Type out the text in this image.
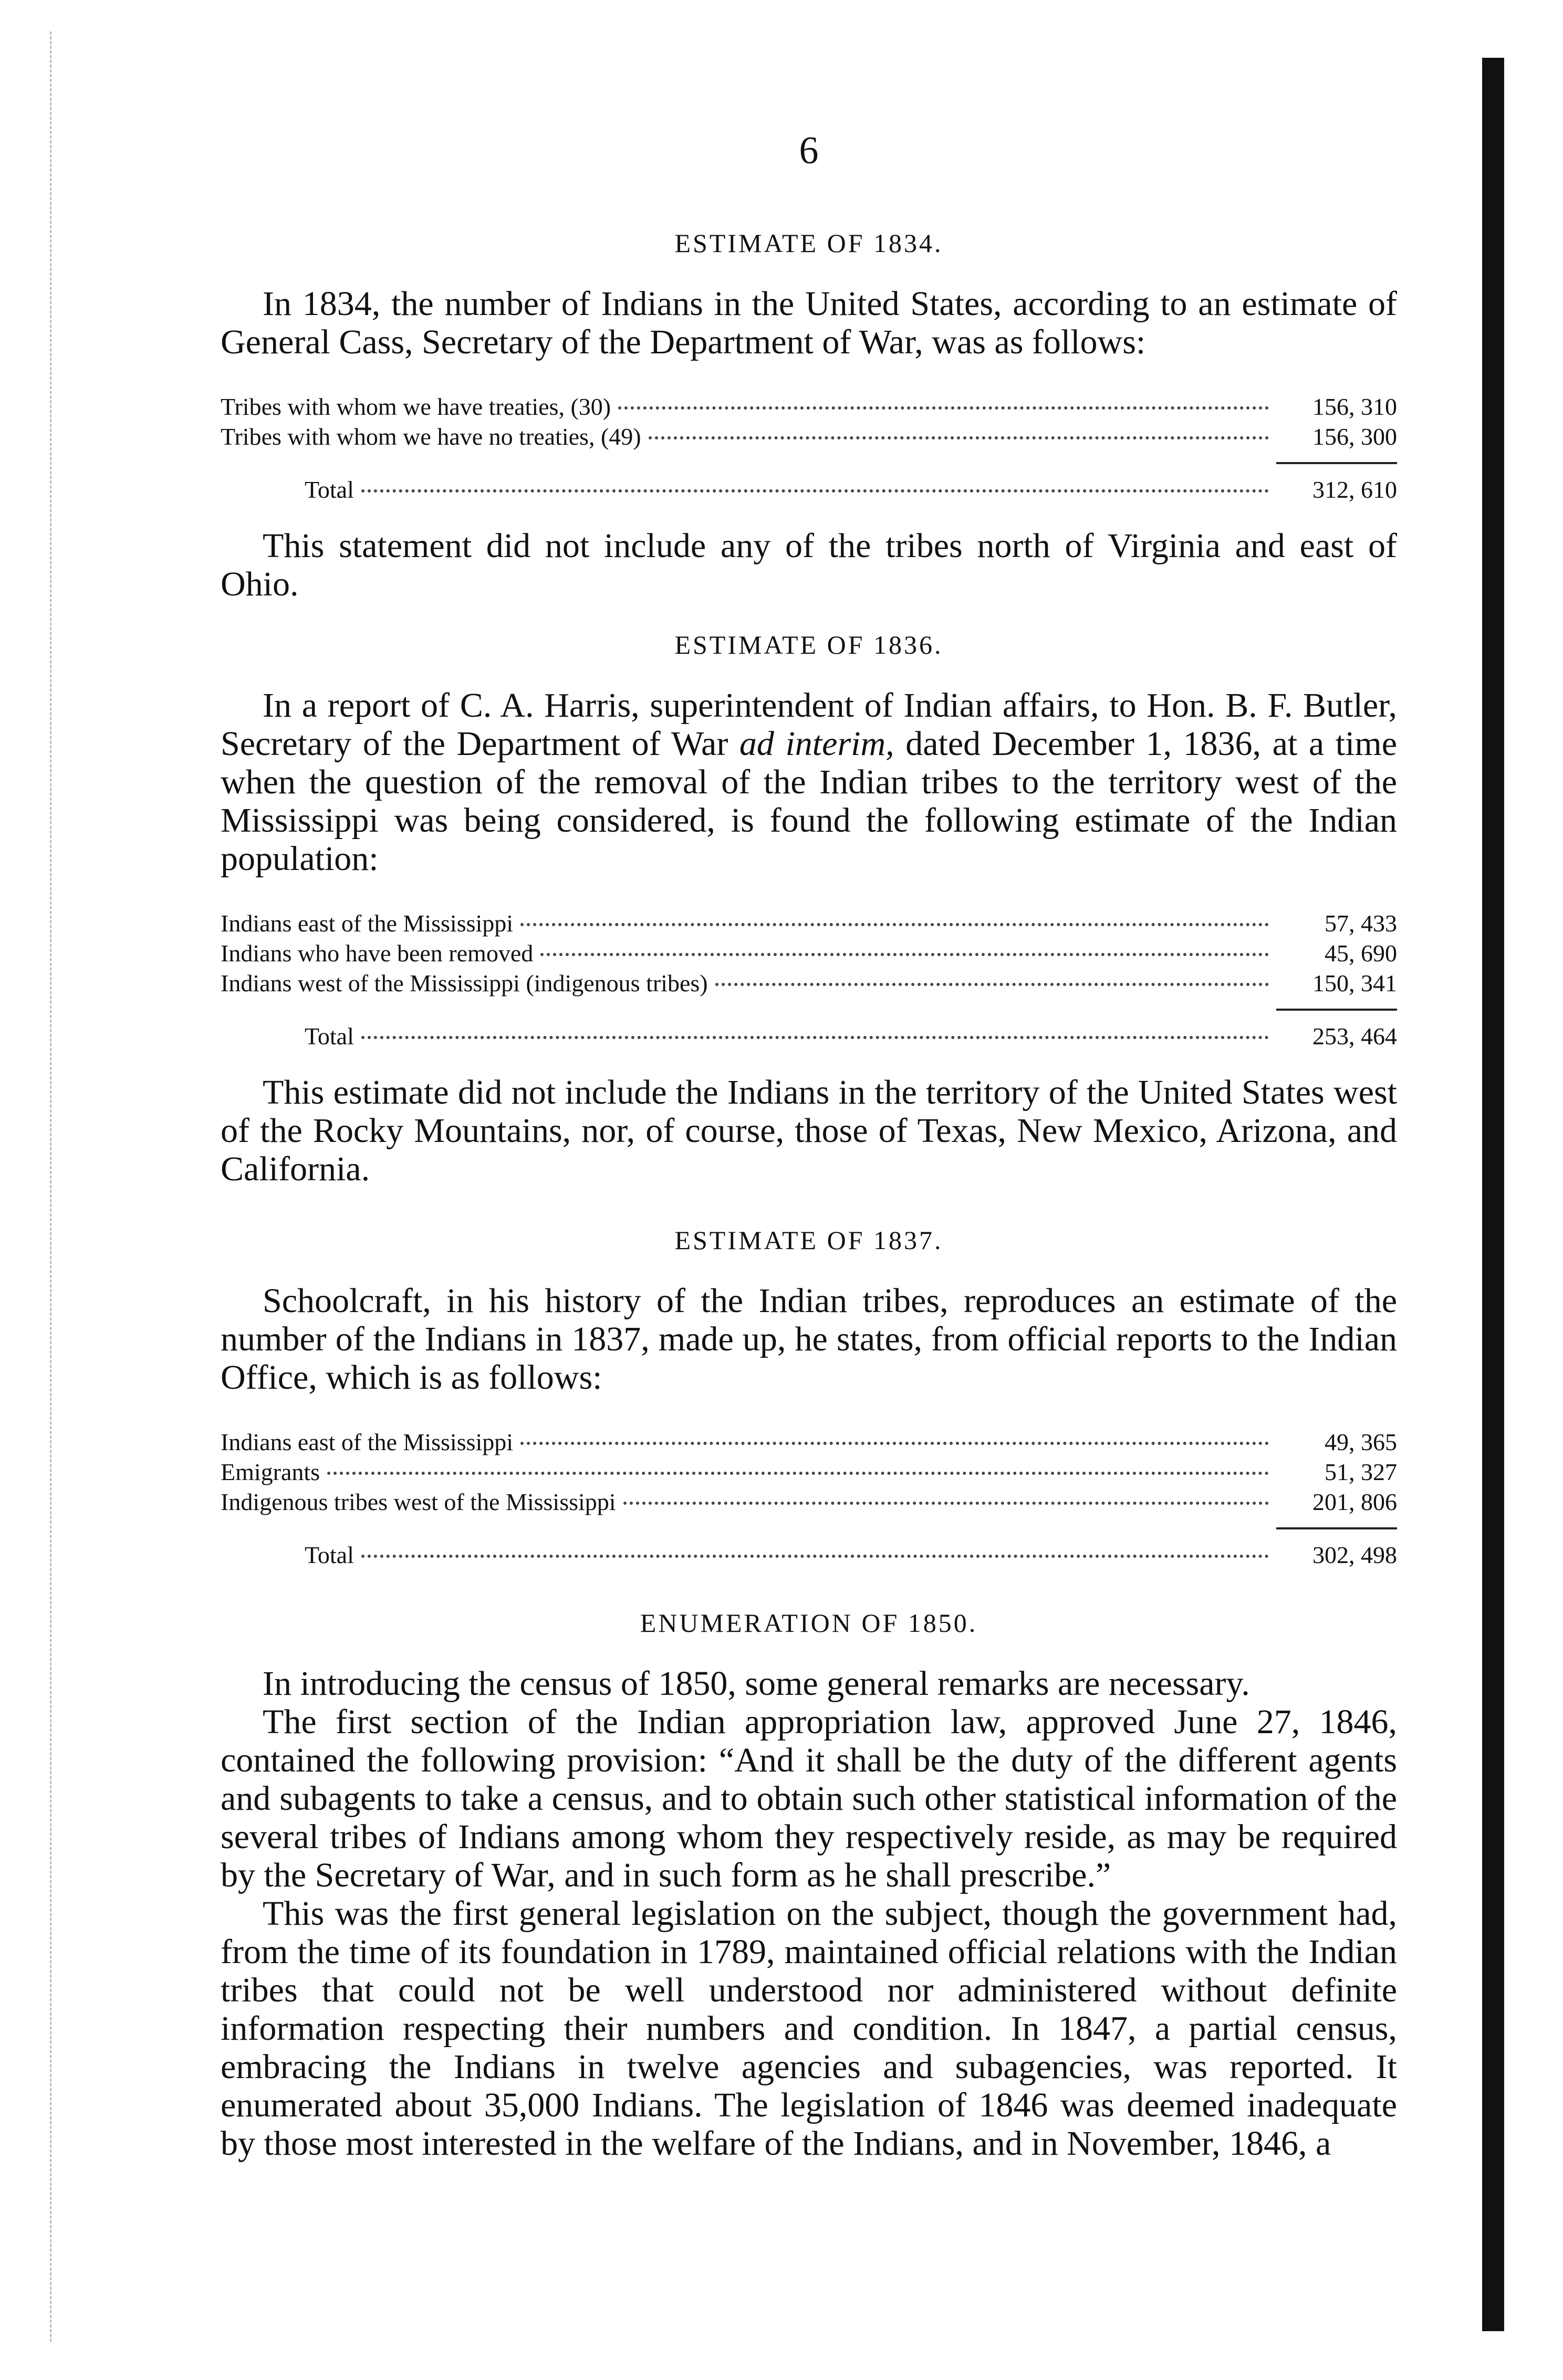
6
ESTIMATE OF 1834.

In 1834, the number of Indians in the United States, according to an estimate of General Cass, Secretary of the Department of War, was as follows:

Tribes with whom we have treaties, (30)	156, 310
Tribes with whom we have no treaties, (49)	156, 300
Total	312, 610

This statement did not include any of the tribes north of Virginia and east of Ohio.

ESTIMATE OF 1836.

In a report of C. A. Harris, superintendent of Indian affairs, to Hon. B. F. Butler, Secretary of the Department of War ad interim, dated December 1, 1836, at a time when the question of the removal of the Indian tribes to the territory west of the Mississippi was being considered, is found the following estimate of the Indian population:

Indians east of the Mississippi	57, 433
Indians who have been removed	45, 690
Indians west of the Mississippi (indigenous tribes)	150, 341
Total	253, 464

This estimate did not include the Indians in the territory of the United States west of the Rocky Mountains, nor, of course, those of Texas, New Mexico, Arizona, and California.

ESTIMATE OF 1837.

Schoolcraft, in his history of the Indian tribes, reproduces an estimate of the number of the Indians in 1837, made up, he states, from official reports to the Indian Office, which is as follows:

Indians east of the Mississippi	49, 365
Emigrants	51, 327
Indigenous tribes west of the Mississippi	201, 806
Total	302, 498
ENUMERATION OF 1850.

In introducing the census of 1850, some general remarks are necessary.

The first section of the Indian appropriation law, approved June 27, 1846, contained the following provision: “And it shall be the duty of the different agents and subagents to take a census, and to obtain such other statistical information of the several tribes of Indians among whom they respectively reside, as may be required by the Secretary of War, and in such form as he shall prescribe.”

This was the first general legislation on the subject, though the government had, from the time of its foundation in 1789, maintained official relations with the Indian tribes that could not be well understood nor administered without definite information respecting their numbers and condition. In 1847, a partial census, embracing the Indians in twelve agencies and subagencies, was reported. It enumerated about 35,000 Indians. The legislation of 1846 was deemed inadequate by those most interested in the welfare of the Indians, and in November, 1846, a
